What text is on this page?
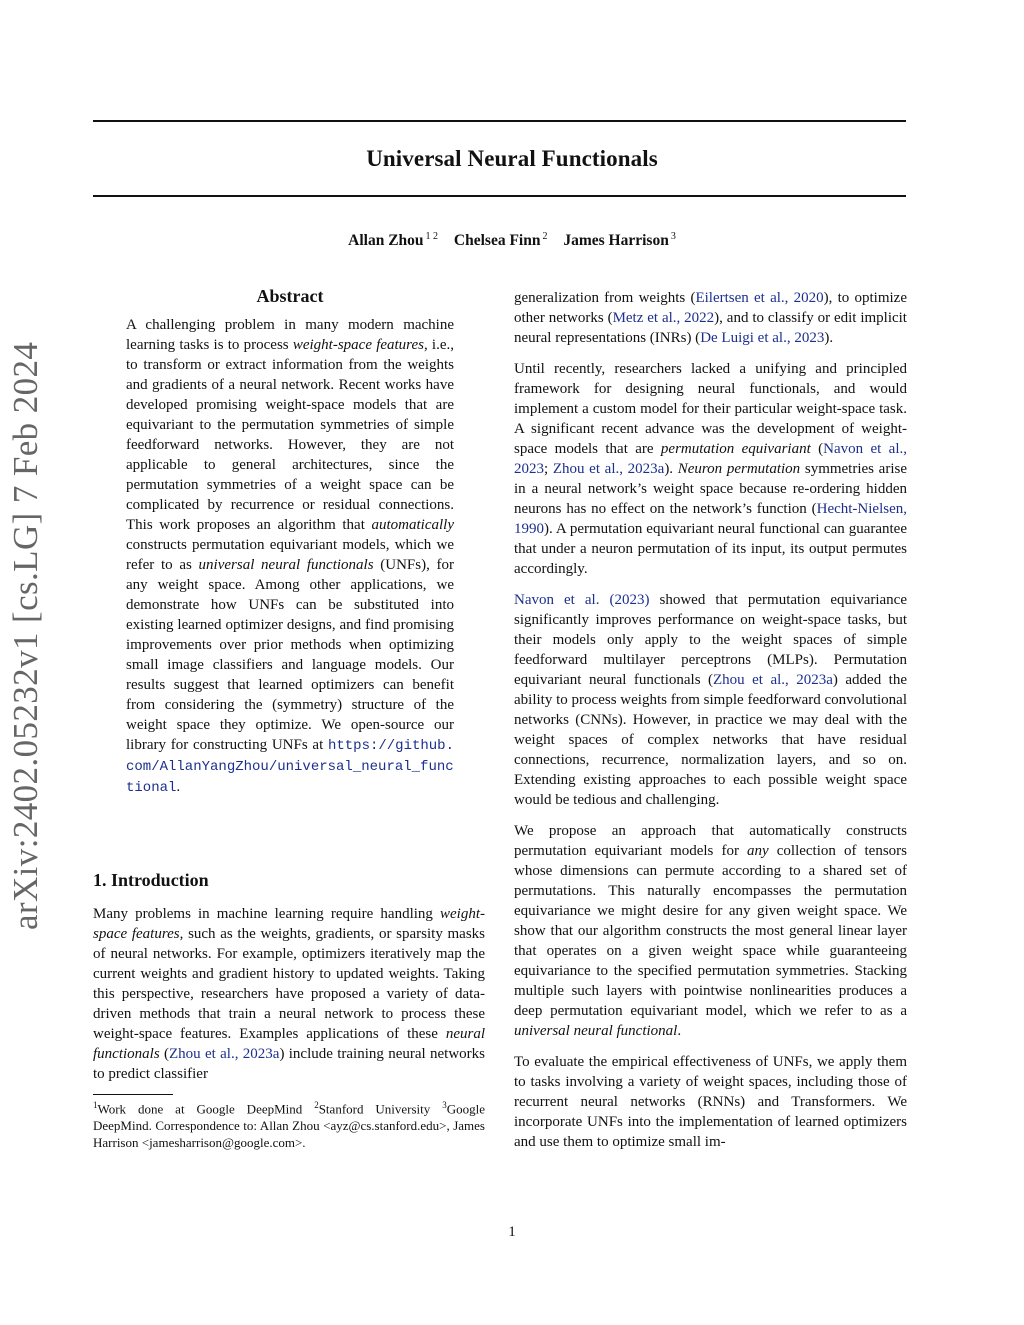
Universal Neural Functionals
Allan Zhou $^{1 2}$ Chelsea Finn $^2$ James Harrison $^3$
arXiv:2402.05232v1 [cs.LG] 7 Feb 2024

Abstract

A challenging problem in many modern machine learning tasks is to process weight-space features, i.e., to transform or extract information from the weights and gradients of a neural network. Recent works have developed promising weight-space models that are equivariant to the permutation symmetries of simple feedforward networks. However, they are not applicable to general architectures, since the permutation symmetries of a weight space can be complicated by recurrence or residual connections. This work proposes an algorithm that automatically constructs permutation equivariant models, which we refer to as universal neural functionals (UNFs), for any weight space. Among other applications, we demonstrate how UNFs can be substituted into existing learned optimizer designs, and find promising improvements over prior methods when optimizing small image classifiers and language models. Our results suggest that learned optimizers can benefit from considering the (symmetry) structure of the weight space they optimize. We open-source our library for constructing UNFs at https://github.com/AllanYangZhou/universal_neural_functional.

1. Introduction

Many problems in machine learning require handling weight-space features, such as the weights, gradients, or sparsity masks of neural networks. For example, optimizers iteratively map the current weights and gradient history to updated weights. Taking this perspective, researchers have proposed a variety of data-driven methods that train a neural network to process these weight-space features. Examples applications of these neural functionals (Zhou et al., 2023a) include training neural networks to predict classifier

$^1$Work done at Google DeepMind $^2$Stanford University $^3$Google DeepMind. Correspondence to: Allan Zhou <ayz@cs.stanford.edu>, James Harrison <jamesharrison@google.com>.

generalization from weights (Eilertsen et al., 2020), to optimize other networks (Metz et al., 2022), and to classify or edit implicit neural representations (INRs) (De Luigi et al., 2023).

Until recently, researchers lacked a unifying and principled framework for designing neural functionals, and would implement a custom model for their particular weight-space task. A significant recent advance was the development of weight-space models that are permutation equivariant (Navon et al., 2023; Zhou et al., 2023a). Neuron permutation symmetries arise in a neural network’s weight space because re-ordering hidden neurons has no effect on the network’s function (Hecht-Nielsen, 1990). A permutation equivariant neural functional can guarantee that under a neuron permutation of its input, its output permutes accordingly.

Navon et al. (2023) showed that permutation equivariance significantly improves performance on weight-space tasks, but their models only apply to the weight spaces of simple feedforward multilayer perceptrons (MLPs). Permutation equivariant neural functionals (Zhou et al., 2023a) added the ability to process weights from simple feedforward convolutional networks (CNNs). However, in practice we may deal with the weight spaces of complex networks that have residual connections, recurrence, normalization layers, and so on. Extending existing approaches to each possible weight space would be tedious and challenging.

We propose an approach that automatically constructs permutation equivariant models for any collection of tensors whose dimensions can permute according to a shared set of permutations. This naturally encompasses the permutation equivariance we might desire for any given weight space. We show that our algorithm constructs the most general linear layer that operates on a given weight space while guaranteeing equivariance to the specified permutation symmetries. Stacking multiple such layers with pointwise nonlinearities produces a deep permutation equivariant model, which we refer to as a universal neural functional.

To evaluate the empirical effectiveness of UNFs, we apply them to tasks involving a variety of weight spaces, including those of recurrent neural networks (RNNs) and Transformers. We incorporate UNFs into the implementation of learned optimizers and use them to optimize small im-

1
